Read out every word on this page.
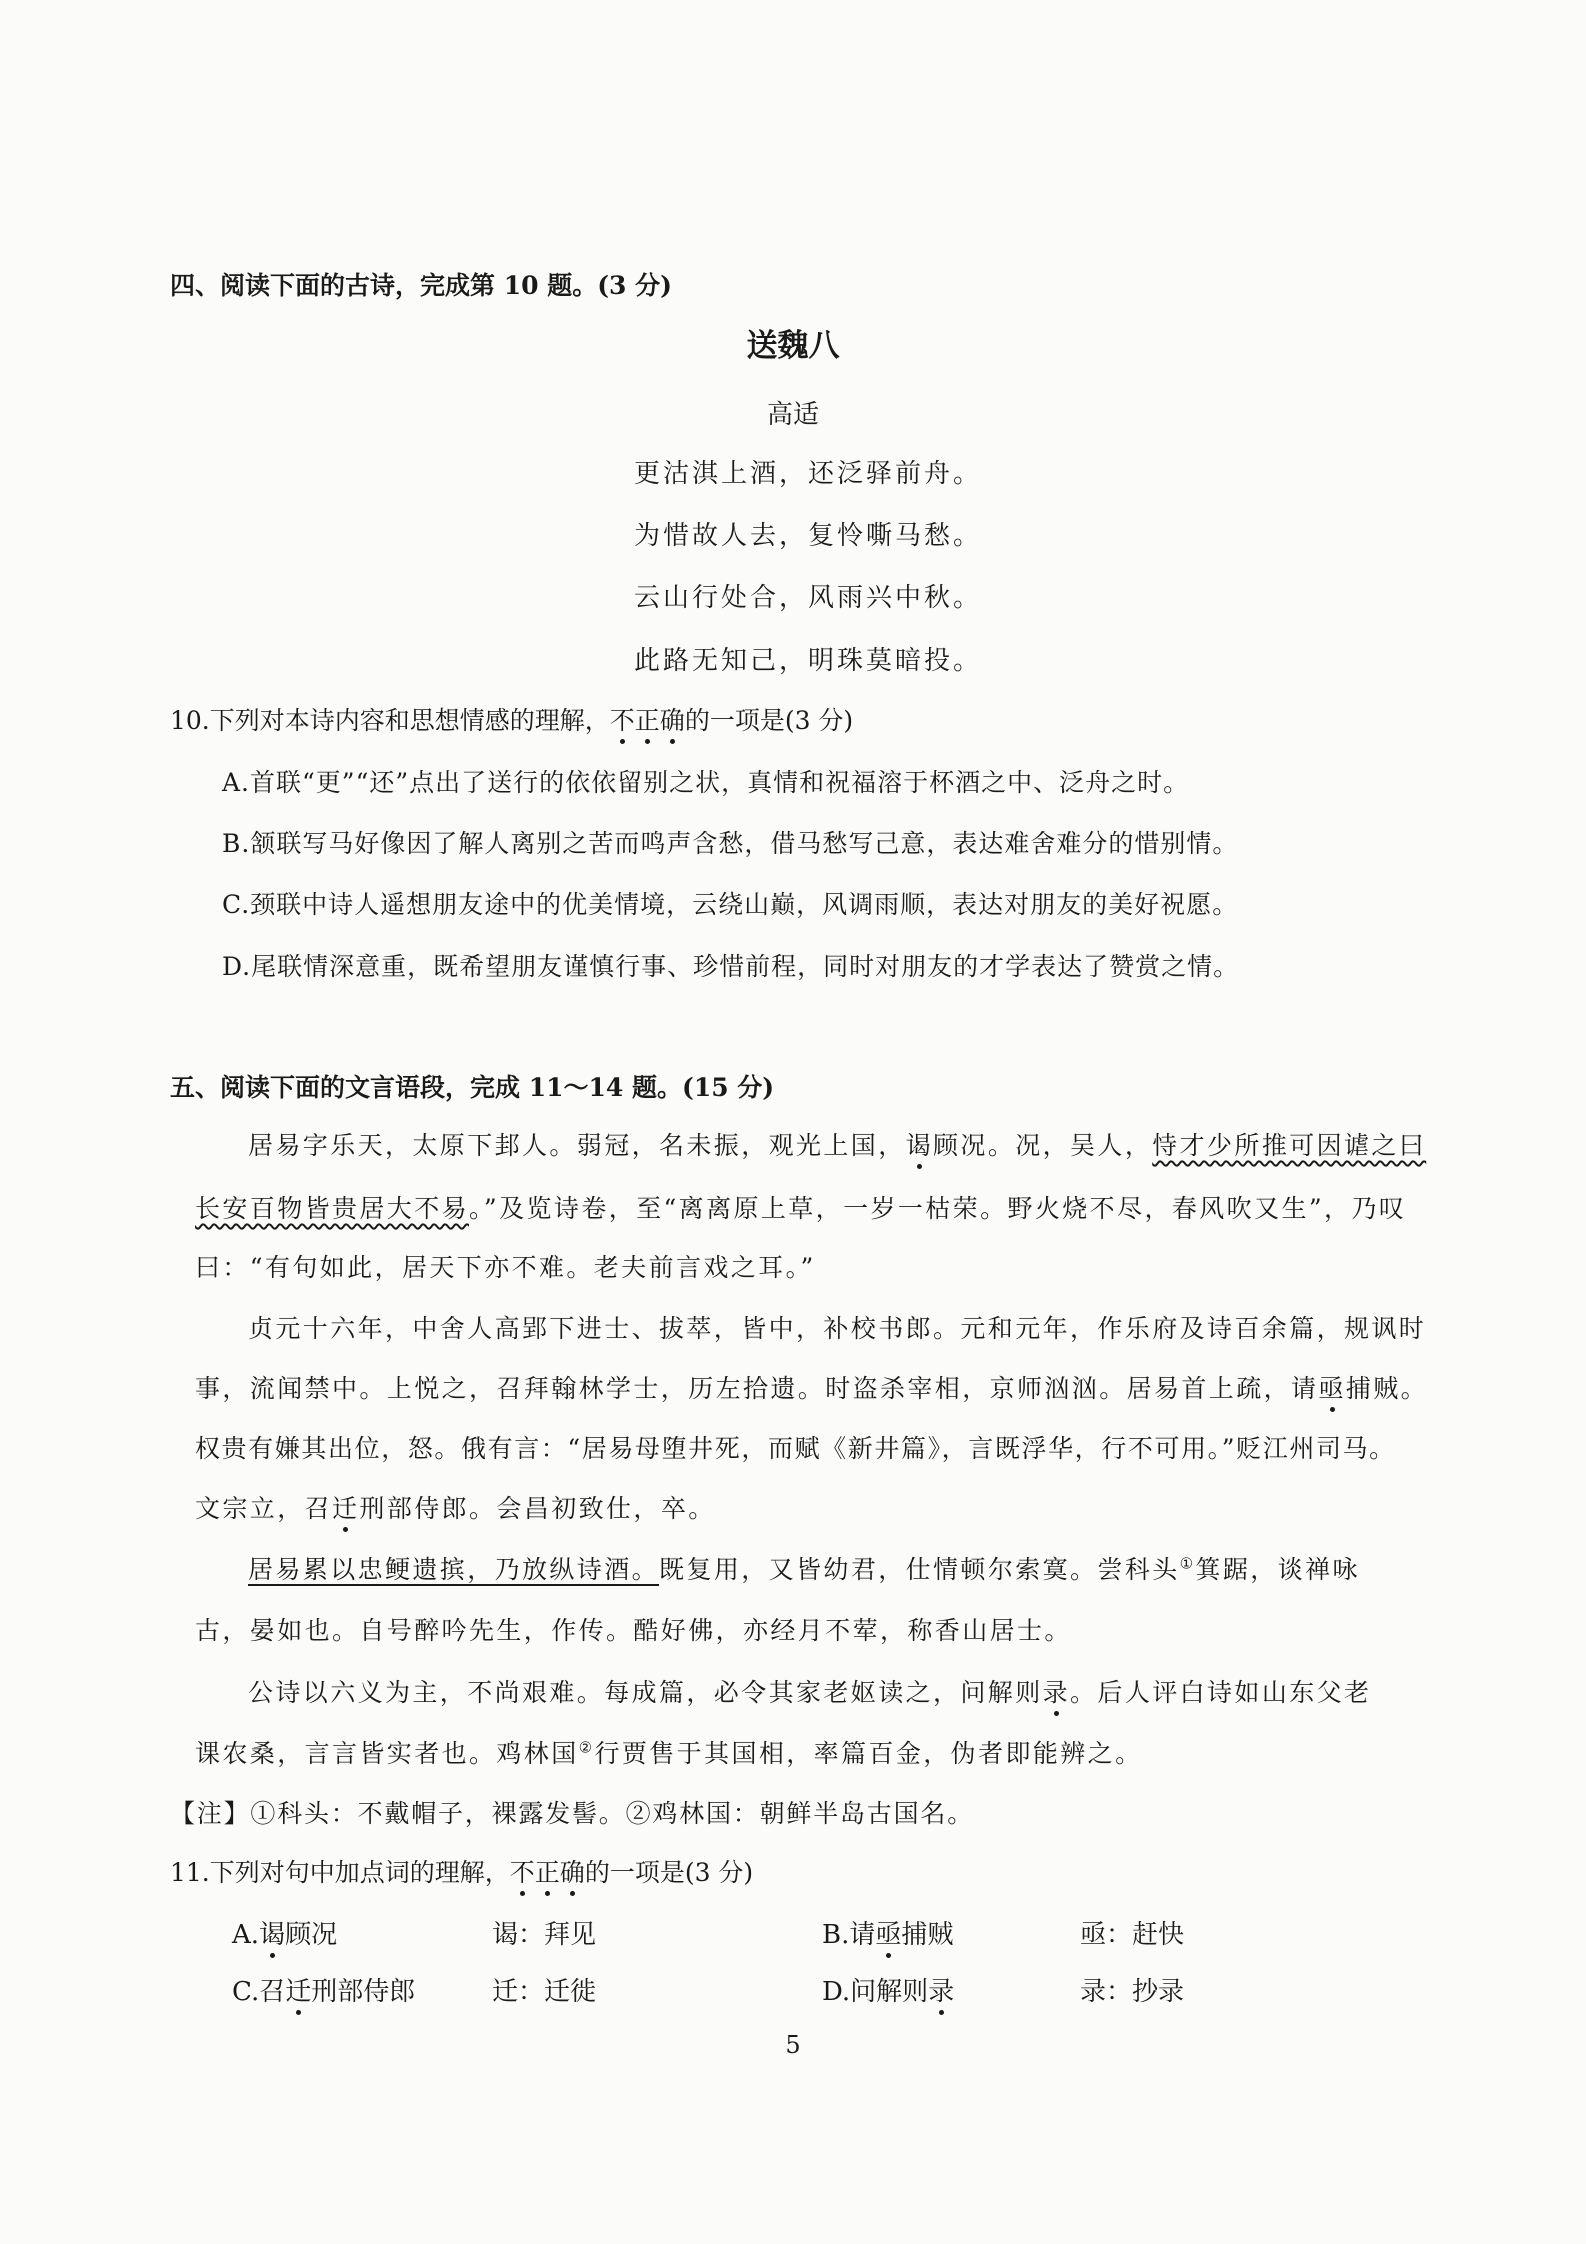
四、阅读下面的古诗，完成第 10 题。(3 分)
送魏八
高适
更沽淇上酒，还泛驿前舟。
为惜故人去，复怜嘶马愁。
云山行处合，风雨兴中秋。
此路无知己，明珠莫暗投。
10.下列对本诗内容和思想情感的理解，不正确的一项是(3 分)
A.首联“更”“还”点出了送行的依依留别之状，真情和祝福溶于杯酒之中、泛舟之时。
B.颔联写马好像因了解人离别之苦而鸣声含愁，借马愁写己意，表达难舍难分的惜别情。
C.颈联中诗人遥想朋友途中的优美情境，云绕山巅，风调雨顺，表达对朋友的美好祝愿。
D.尾联情深意重，既希望朋友谨慎行事、珍惜前程，同时对朋友的才学表达了赞赏之情。
五、阅读下面的文言语段，完成 11～14 题。(15 分)
居易字乐天，太原下邽人。弱冠，名未振，观光上国，谒顾况。况，吴人，恃才少所推可因谑之曰
长安百物皆贵居大不易。”及览诗卷，至“离离原上草，一岁一枯荣。野火烧不尽，春风吹又生”，乃叹
曰：“有句如此，居天下亦不难。老夫前言戏之耳。”
贞元十六年，中舍人高郢下进士、拔萃，皆中，补校书郎。元和元年，作乐府及诗百余篇，规讽时
事，流闻禁中。上悦之，召拜翰林学士，历左拾遗。时盗杀宰相，京师汹汹。居易首上疏，请亟捕贼。
权贵有嫌其出位，怒。俄有言：“居易母堕井死，而赋《新井篇》，言既浮华，行不可用。”贬江州司马。
文宗立，召迁刑部侍郎。会昌初致仕，卒。
居易累以忠鲠遗摈，乃放纵诗酒。既复用，又皆幼君，仕情顿尔索寞。尝科头①箕踞，谈禅咏
古，晏如也。自号醉吟先生，作传。酷好佛，亦经月不荤，称香山居士。
公诗以六义为主，不尚艰难。每成篇，必令其家老妪读之，问解则录。后人评白诗如山东父老
课农桑，言言皆实者也。鸡林国②行贾售于其国相，率篇百金，伪者即能辨之。
【注】①科头：不戴帽子，裸露发髻。②鸡林国：朝鲜半岛古国名。
11.下列对句中加点词的理解，不正确的一项是(3 分)
A.谒顾况	谒：拜见	B.请亟捕贼	亟：赶快
C.召迁刑部侍郎	迁：迁徙	D.问解则录	录：抄录
5
